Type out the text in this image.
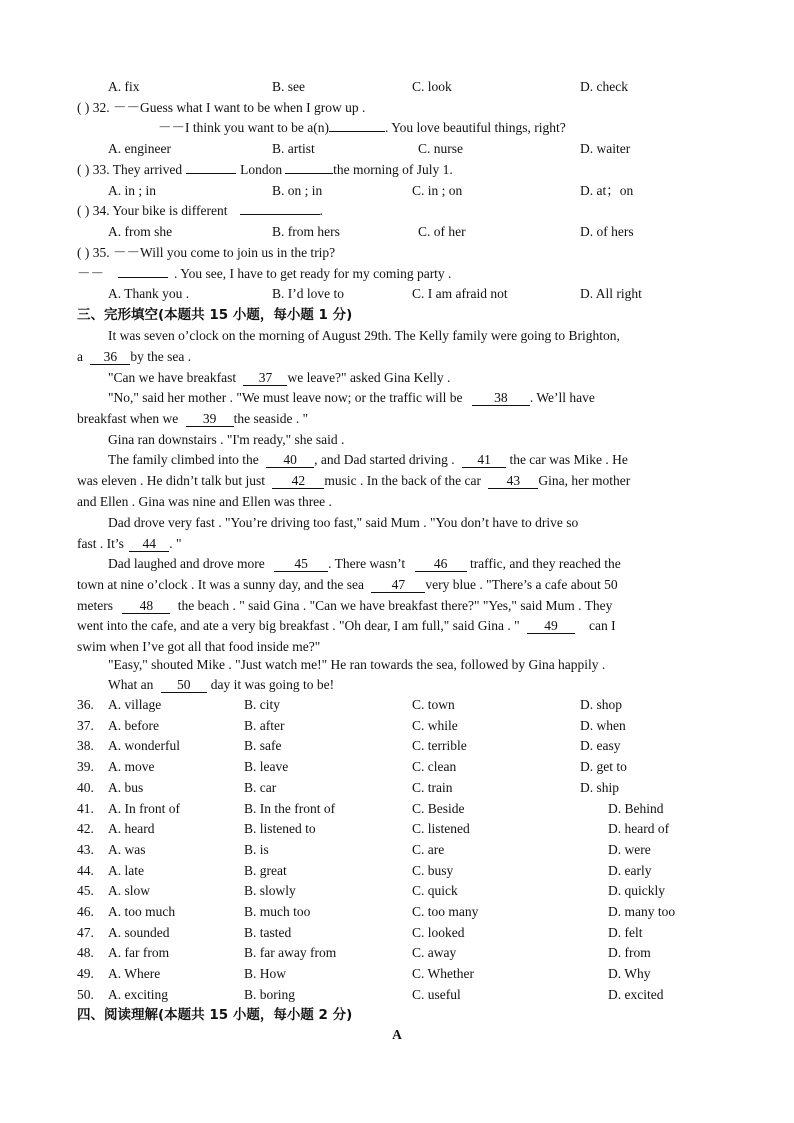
A. fix	B. see	C. look	D. check
( ) 32. －－Guess what I want to be when I grow up .
－－I think you want to be a(n)	. You love beautiful things, right?
A. engineer	B. artist	C. nurse	D. waiter
( ) 33. They arrived	London	the morning of July 1.
A. in ; in	B. on ; in	C. in ; on	D. at；on
( ) 34. Your bike is different	.
A. from she	B. from hers	C. of her	D. of hers
( ) 35. －－Will you come to join us in the trip?
－－	. You see, I have to get ready for my coming party .
A. Thank you .	B. I’d love to	C. I am afraid not	D. All right
三、完形填空(本题共 15 小题，每小题 1 分)
It was seven o’clock on the morning of August 29th. The Kelly family were going to Brighton,
a 36 by the sea .
"Can we have breakfast 37 we leave?" asked Gina Kelly .
"No," said her mother . "We must leave now; or the traffic will be 38 . We’ll have
breakfast when we 39 the seaside . "
Gina ran downstairs . "I'm ready," she said .
The family climbed into the 40 , and Dad started driving . 41 the car was Mike . He
was eleven . He didn’t talk but just 42 music . In the back of the car 43 Gina, her mother
and Ellen . Gina was nine and Ellen was three .
Dad drove very fast . "You’re driving too fast," said Mum . "You don’t have to drive so
fast . It’s 44 . "
Dad laughed and drove more 45 . There wasn’t 46 traffic, and they reached the
town at nine o’clock . It was a sunny day, and the sea 47 very blue . "There’s a cafe about 50
meters 48 the beach . " said Gina . "Can we have breakfast there?" "Yes," said Mum . They
went into the cafe, and ate a very big breakfast . "Oh dear, I am full," said Gina . " 49 can I
swim when I’ve got all that food inside me?"
"Easy," shouted Mike . "Just watch me!" He ran towards the sea, followed by Gina happily .
What an 50 day it was going to be!
36. A. village	B. city	C. town	D. shop
37. A. before	B. after	C. while	D. when
38. A. wonderful	B. safe	C. terrible	D. easy
39. A. move	B. leave	C. clean	D. get to
40. A. bus	B. car	C. train	D. ship
41. A. In front of	B. In the front of	C. Beside	D. Behind
42. A. heard	B. listened to	C. listened	D. heard of
43. A. was	B. is	C. are	D. were
44. A. late	B. great	C. busy	D. early
45. A. slow	B. slowly	C. quick	D. quickly
46. A. too much	B. much too	C. too many	D. many too
47. A. sounded	B. tasted	C. looked	D. felt
48. A. far from	B. far away from	C. away	D. from
49. A. Where	B. How	C. Whether	D. Why
50. A. exciting	B. boring	C. useful	D. excited
四、阅读理解(本题共 15 小题，每小题 2 分)
A
